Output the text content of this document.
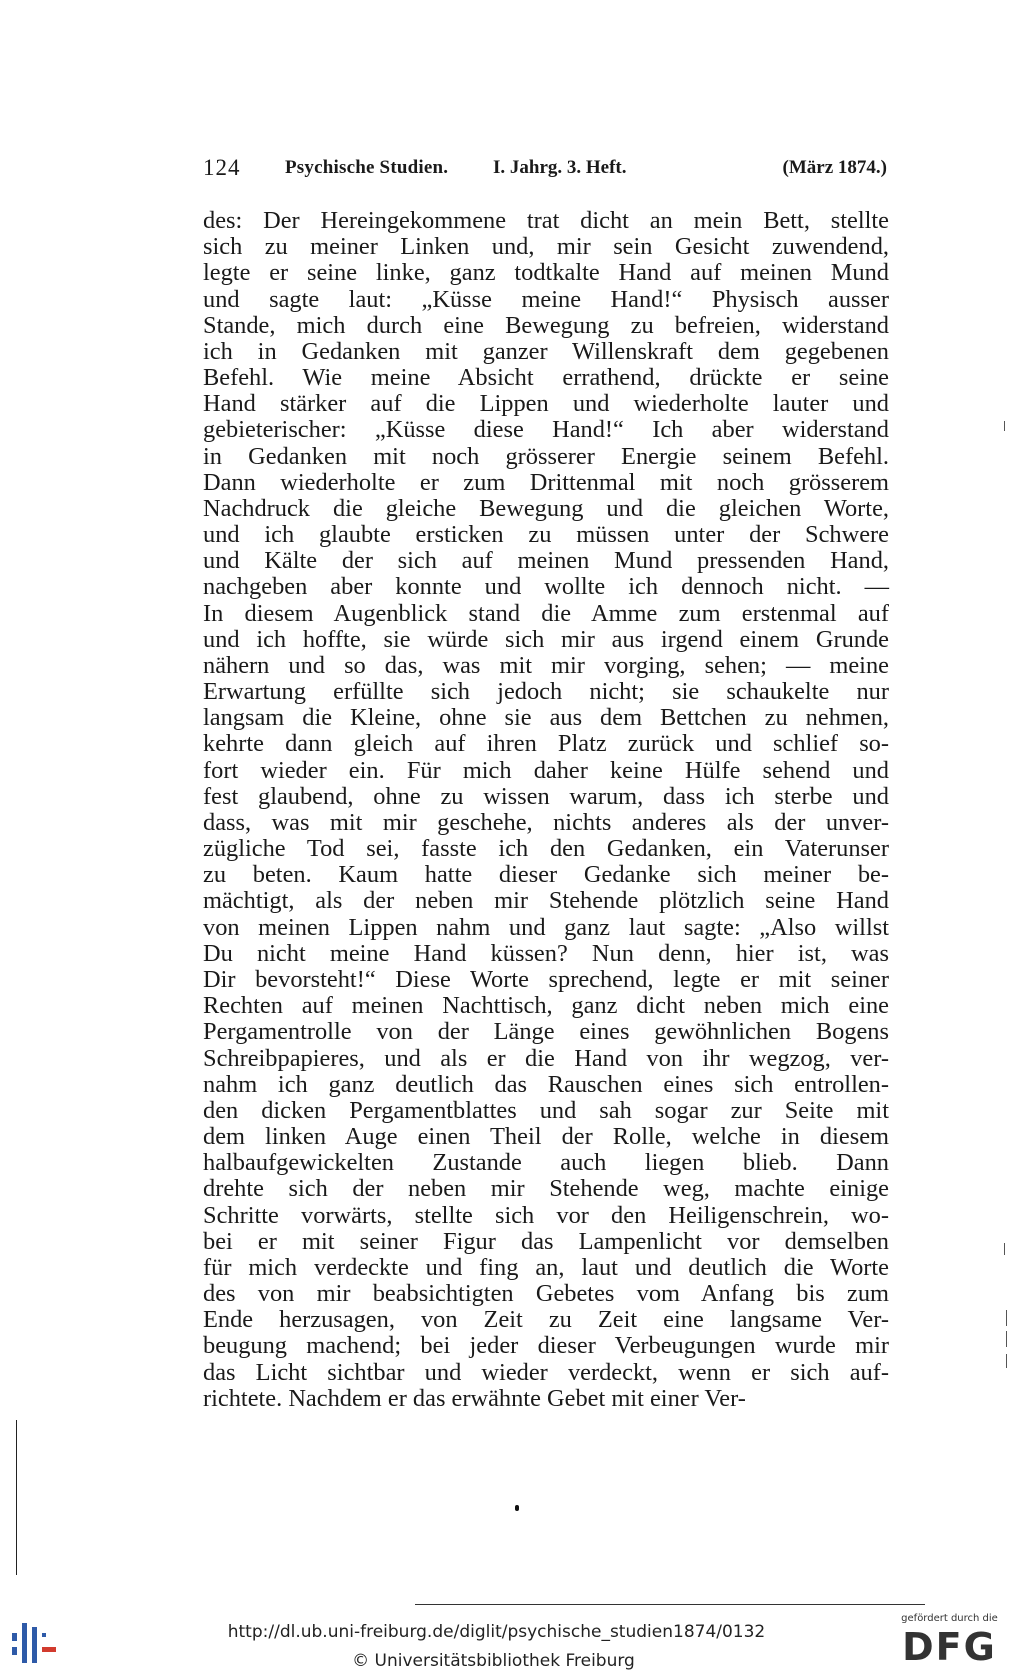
124 Psychische Studien. I. Jahrg. 3. Heft.	(März 1874.)
des: Der Hereingekommene trat dicht an mein Bett, stellte
sich zu meiner Linken und, mir sein Gesicht zuwendend,
legte er seine linke, ganz todtkalte Hand auf meinen Mund
und sagte laut: „Küsse meine Hand!“ Physisch ausser
Stande, mich durch eine Bewegung zu befreien, widerstand
ich in Gedanken mit ganzer Willenskraft dem gegebenen
Befehl. Wie meine Absicht errathend, drückte er seine
Hand stärker auf die Lippen und wiederholte lauter und
gebieterischer: „Küsse diese Hand!“ Ich aber widerstand
in Gedanken mit noch grösserer Energie seinem Befehl.
Dann wiederholte er zum Drittenmal mit noch grösserem
Nachdruck die gleiche Bewegung und die gleichen Worte,
und ich glaubte ersticken zu müssen unter der Schwere
und Kälte der sich auf meinen Mund pressenden Hand,
nachgeben aber konnte und wollte ich dennoch nicht. —
In diesem Augenblick stand die Amme zum erstenmal auf
und ich hoffte, sie würde sich mir aus irgend einem Grunde
nähern und so das, was mit mir vorging, sehen; — meine
Erwartung erfüllte sich jedoch nicht; sie schaukelte nur
langsam die Kleine, ohne sie aus dem Bettchen zu nehmen,
kehrte dann gleich auf ihren Platz zurück und schlief so-
fort wieder ein. Für mich daher keine Hülfe sehend und
fest glaubend, ohne zu wissen warum, dass ich sterbe und
dass, was mit mir geschehe, nichts anderes als der unver-
zügliche Tod sei, fasste ich den Gedanken, ein Vaterunser
zu beten. Kaum hatte dieser Gedanke sich meiner be-
mächtigt, als der neben mir Stehende plötzlich seine Hand
von meinen Lippen nahm und ganz laut sagte: „Also willst
Du nicht meine Hand küssen? Nun denn, hier ist, was
Dir bevorsteht!“ Diese Worte sprechend, legte er mit seiner
Rechten auf meinen Nachttisch, ganz dicht neben mich eine
Pergamentrolle von der Länge eines gewöhnlichen Bogens
Schreibpapieres, und als er die Hand von ihr wegzog, ver-
nahm ich ganz deutlich das Rauschen eines sich entrollen-
den dicken Pergamentblattes und sah sogar zur Seite mit
dem linken Auge einen Theil der Rolle, welche in diesem
halbaufgewickelten Zustande auch liegen blieb. Dann
drehte sich der neben mir Stehende weg, machte einige
Schritte vorwärts, stellte sich vor den Heiligenschrein, wo-
bei er mit seiner Figur das Lampenlicht vor demselben
für mich verdeckte und fing an, laut und deutlich die Worte
des von mir beabsichtigten Gebetes vom Anfang bis zum
Ende herzusagen, von Zeit zu Zeit eine langsame Ver-
beugung machend; bei jeder dieser Verbeugungen wurde mir
das Licht sichtbar und wieder verdeckt, wenn er sich auf-
richtete. Nachdem er das erwähnte Gebet mit einer Ver-
http://dl.ub.uni-freiburg.de/diglit/psychische_studien1874/0132
© Universitätsbibliothek Freiburg
gefördert durch die
DFG
